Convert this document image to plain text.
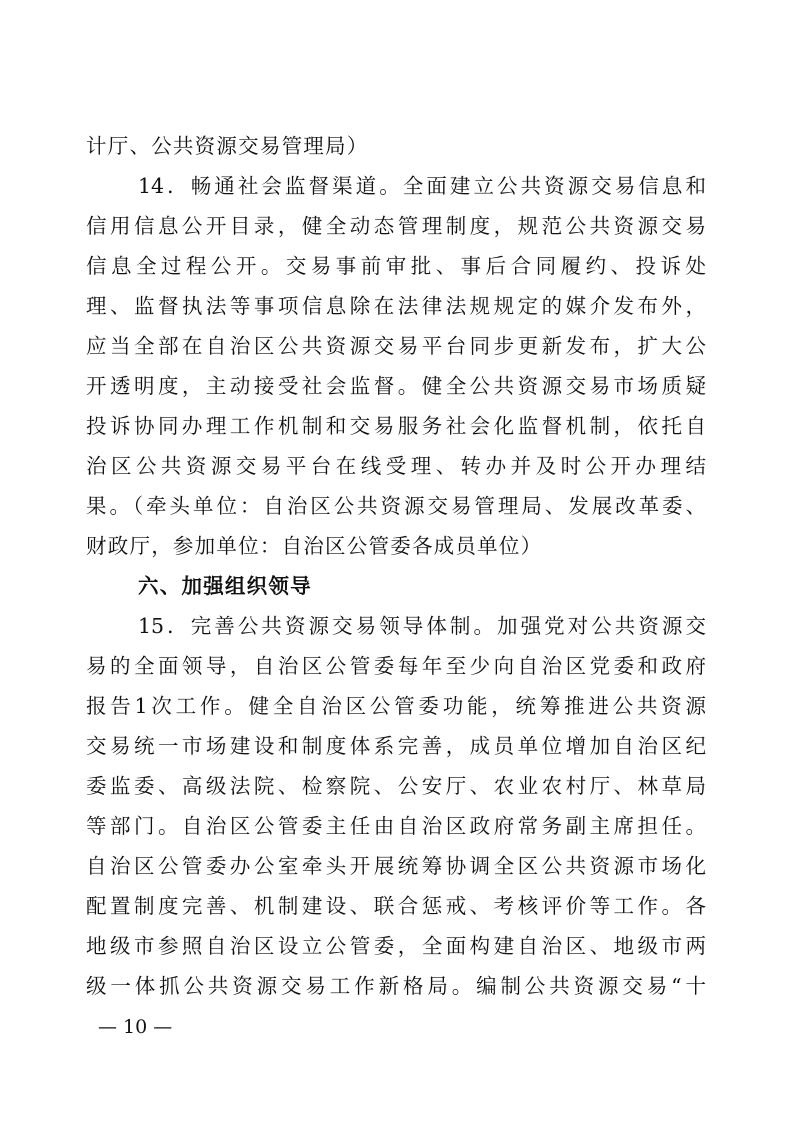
计厅、公共资源交易管理局）
14．畅通社会监督渠道。全面建立公共资源交易信息和
信用信息公开目录，健全动态管理制度，规范公共资源交易
信息全过程公开。交易事前审批、事后合同履约、投诉处
理、监督执法等事项信息除在法律法规规定的媒介发布外，
应当全部在自治区公共资源交易平台同步更新发布，扩大公
开透明度，主动接受社会监督。健全公共资源交易市场质疑
投诉协同办理工作机制和交易服务社会化监督机制，依托自
治区公共资源交易平台在线受理、转办并及时公开办理结
果。（牵头单位：自治区公共资源交易管理局、发展改革委、
财政厅，参加单位：自治区公管委各成员单位）
六、加强组织领导
15．完善公共资源交易领导体制。加强党对公共资源交
易的全面领导，自治区公管委每年至少向自治区党委和政府
报告1次工作。健全自治区公管委功能，统筹推进公共资源
交易统一市场建设和制度体系完善，成员单位增加自治区纪
委监委、高级法院、检察院、公安厅、农业农村厅、林草局
等部门。自治区公管委主任由自治区政府常务副主席担任。
自治区公管委办公室牵头开展统筹协调全区公共资源市场化
配置制度完善、机制建设、联合惩戒、考核评价等工作。各
地级市参照自治区设立公管委，全面构建自治区、地级市两
级一体抓公共资源交易工作新格局。编制公共资源交易“十
— 10 —
